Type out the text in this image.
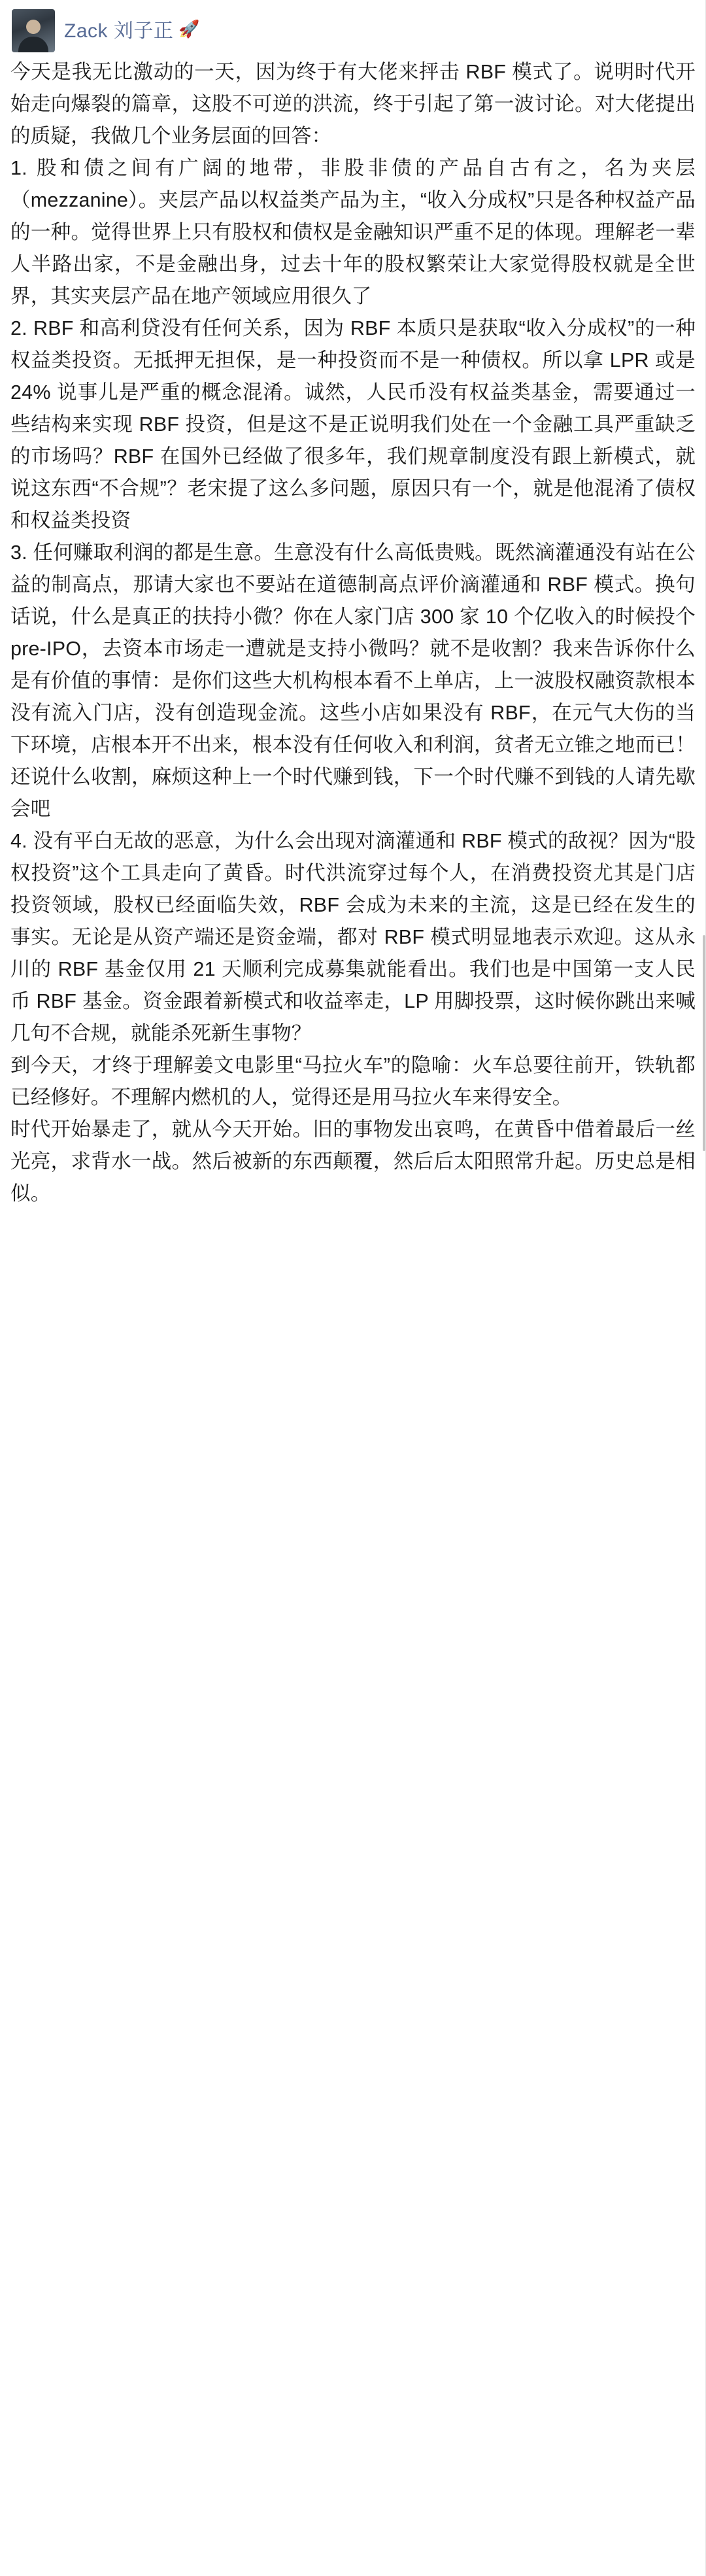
Zack 刘子正 🚀

今天是我无比激动的一天，因为终于有大佬来抨击 RBF 模式了。说明时代开始走向爆裂的篇章，这股不可逆的洪流，终于引起了第一波讨论。对大佬提出的质疑，我做几个业务层面的回答：

1. 股和债之间有广阔的地带，非股非债的产品自古有之，名为夹层（mezzanine）。夹层产品以权益类产品为主，“收入分成权”只是各种权益产品的一种。觉得世界上只有股权和债权是金融知识严重不足的体现。理解老一辈人半路出家，不是金融出身，过去十年的股权繁荣让大家觉得股权就是全世界，其实夹层产品在地产领域应用很久了

2. RBF 和高利贷没有任何关系，因为 RBF 本质只是获取“收入分成权”的一种权益类投资。无抵押无担保，是一种投资而不是一种债权。所以拿 LPR 或是 24% 说事儿是严重的概念混淆。诚然，人民币没有权益类基金，需要通过一些结构来实现 RBF 投资，但是这不是正说明我们处在一个金融工具严重缺乏的市场吗？RBF 在国外已经做了很多年，我们规章制度没有跟上新模式，就说这东西“不合规”？老宋提了这么多问题，原因只有一个，就是他混淆了债权和权益类投资

3. 任何赚取利润的都是生意。生意没有什么高低贵贱。既然滴灌通没有站在公益的制高点，那请大家也不要站在道德制高点评价滴灌通和 RBF 模式。换句话说，什么是真正的扶持小微？你在人家门店 300 家 10 个亿收入的时候投个 pre-IPO，去资本市场走一遭就是支持小微吗？就不是收割？我来告诉你什么是有价值的事情：是你们这些大机构根本看不上单店，上一波股权融资款根本没有流入门店，没有创造现金流。这些小店如果没有 RBF，在元气大伤的当下环境，店根本开不出来，根本没有任何收入和利润，贫者无立锥之地而已！还说什么收割，麻烦这种上一个时代赚到钱，下一个时代赚不到钱的人请先歇会吧

4. 没有平白无故的恶意，为什么会出现对滴灌通和 RBF 模式的敌视？因为“股权投资”这个工具走向了黄昏。时代洪流穿过每个人，在消费投资尤其是门店投资领域，股权已经面临失效，RBF 会成为未来的主流，这是已经在发生的事实。无论是从资产端还是资金端，都对 RBF 模式明显地表示欢迎。这从永川的 RBF 基金仅用 21 天顺利完成募集就能看出。我们也是中国第一支人民币 RBF 基金。资金跟着新模式和收益率走，LP 用脚投票，这时候你跳出来喊几句不合规，就能杀死新生事物？

到今天，才终于理解姜文电影里“马拉火车”的隐喻：火车总要往前开，铁轨都已经修好。不理解内燃机的人，觉得还是用马拉火车来得安全。

时代开始暴走了，就从今天开始。旧的事物发出哀鸣，在黄昏中借着最后一丝光亮，求背水一战。然后被新的东西颠覆，然后后太阳照常升起。历史总是相似。
